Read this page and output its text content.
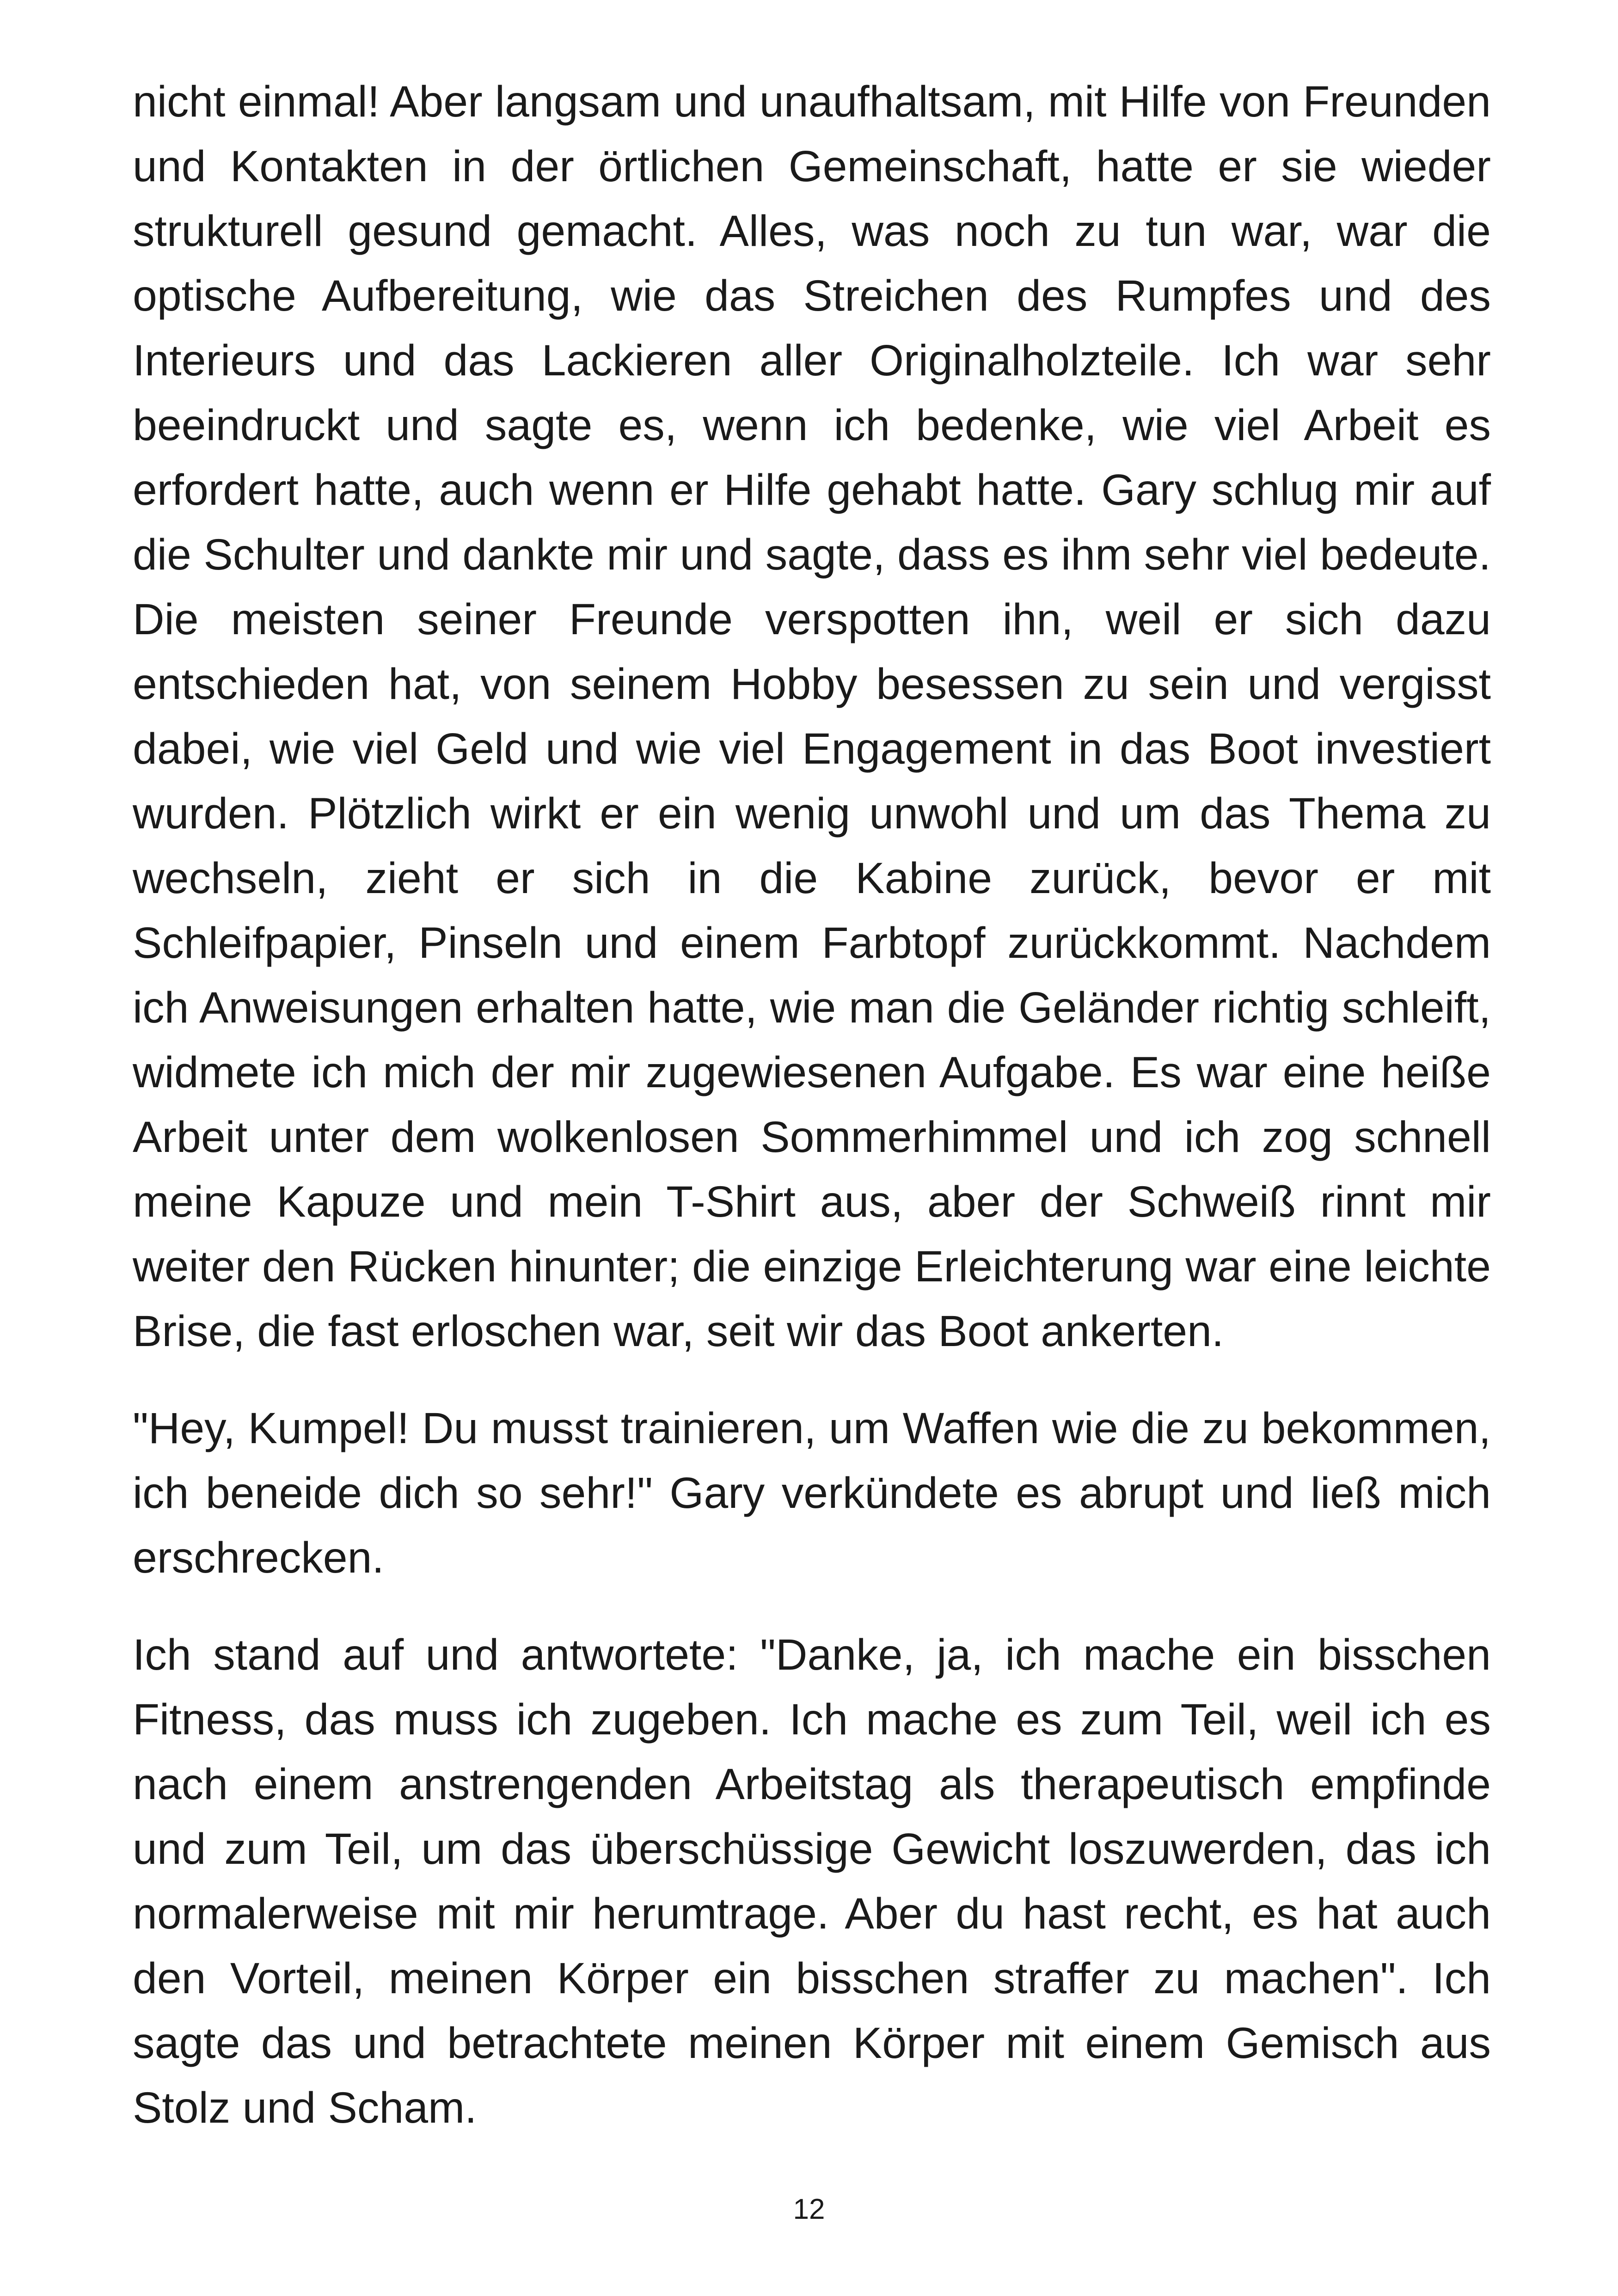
nicht einmal! Aber langsam und unaufhaltsam, mit Hilfe von Freunden und Kontakten in der örtlichen Gemeinschaft, hatte er sie wieder strukturell gesund gemacht. Alles, was noch zu tun war, war die optische Aufbereitung, wie das Streichen des Rumpfes und des Interieurs und das Lackieren aller Originalholzteile. Ich war sehr beeindruckt und sagte es, wenn ich bedenke, wie viel Arbeit es erfordert hatte, auch wenn er Hilfe gehabt hatte. Gary schlug mir auf die Schulter und dankte mir und sagte, dass es ihm sehr viel bedeute. Die meisten seiner Freunde verspotten ihn, weil er sich dazu entschieden hat, von seinem Hobby besessen zu sein und vergisst dabei, wie viel Geld und wie viel Engagement in das Boot investiert wurden. Plötzlich wirkt er ein wenig unwohl und um das Thema zu wechseln, zieht er sich in die Kabine zurück, bevor er mit Schleifpapier, Pinseln und einem Farbtopf zurückkommt. Nachdem ich Anweisungen erhalten hatte, wie man die Geländer richtig schleift, widmete ich mich der mir zugewiesenen Aufgabe. Es war eine heiße Arbeit unter dem wolkenlosen Sommerhimmel und ich zog schnell meine Kapuze und mein T-Shirt aus, aber der Schweiß rinnt mir weiter den Rücken hinunter; die einzige Erleichterung war eine leichte Brise, die fast erloschen war, seit wir das Boot ankerten.

"Hey, Kumpel! Du musst trainieren, um Waffen wie die zu bekommen, ich beneide dich so sehr!" Gary verkündete es abrupt und ließ mich erschrecken.

Ich stand auf und antwortete: "Danke, ja, ich mache ein bisschen Fitness, das muss ich zugeben. Ich mache es zum Teil, weil ich es nach einem anstrengenden Arbeitstag als therapeutisch empfinde und zum Teil, um das überschüssige Gewicht loszuwerden, das ich normalerweise mit mir herumtrage. Aber du hast recht, es hat auch den Vorteil, meinen Körper ein bisschen straffer zu machen". Ich sagte das und betrachtete meinen Körper mit einem Gemisch aus Stolz und Scham.

12
